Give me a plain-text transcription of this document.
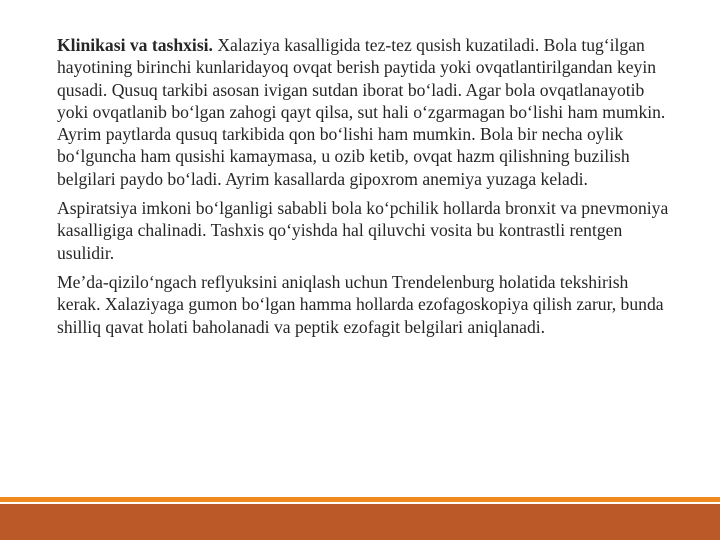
Klinikasi va tashxisi. Xalaziya kasalligida tez-tez qusish kuzatiladi. Bola tug‘ilgan hayotining birinchi kunlaridayoq ovqat berish paytida yoki ovqatlantirilgandan keyin qusadi. Qusuq tarkibi asosan ivigan sutdan iborat bo‘ladi. Agar bola ovqatlanayotib yoki ovqatlanib bo‘lgan zahogi qayt qilsa, sut hali o‘zgarmagan bo‘lishi ham mumkin. Ayrim paytlarda qusuq tarkibida qon bo‘lishi ham mumkin. Bola bir necha oylik bo‘lguncha ham qusishi kamaymasa, u ozib ketib, ovqat hazm qilishning buzilish belgilari paydo bo‘ladi. Ayrim kasallarda gipoxrom anemiya yuzaga keladi.

Aspiratsiya imkoni bo‘lganligi sababli bola ko‘pchilik hollarda bronxit va pnevmoniya kasalligiga chalinadi. Tashxis qo‘yishda hal qiluvchi vosita bu kontrastli rentgen usulidir.

Me’da-qizilo‘ngach reflyuksini aniqlash uchun Trendelenburg holatida tekshirish kerak. Xalaziyaga gumon bo‘lgan hamma hollarda ezofagoskopiya qilish zarur, bunda shilliq qavat holati baholanadi va peptik ezofagit belgilari aniqlanadi.
